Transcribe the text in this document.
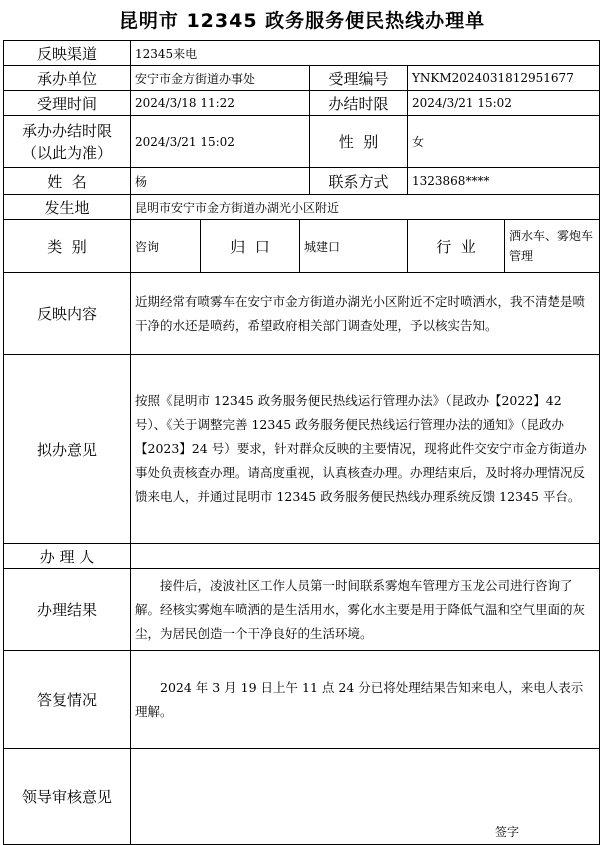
昆明市 12345 政务服务便民热线办理单
反映渠道	12345来电					
承办单位	安宁市金方街道办事处			受理编号	YNKM2024031812951677	
受理时间	2024/3/18 11:22			办结时限	2024/3/21 15:02	
承办办结时限（以此为准）	2024/3/21 15:02			性  别	女	
姓  名	杨			联系方式	1323868****	
发生地	昆明市安宁市金方街道办湖光小区附近					
类  别	咨询	归  口	城建口		行  业	洒水车、雾炮车管理
反映内容	近期经常有喷雾车在安宁市金方街道办湖光小区附近不定时喷洒水，我不清楚是喷干净的水还是喷药，希望政府相关部门调查处理，予以核实告知。					
拟办意见	按照《昆明市 12345 政务服务便民热线运行管理办法》（昆政办【2022】42 号）、《关于调整完善 12345 政务服务便民热线运行管理办法的通知》（昆政办【2023】24 号）要求，针对群众反映的主要情况，现将此件交安宁市金方街道办事处负责核查办理。请高度重视，认真核查办理。办理结束后，及时将办理情况反馈来电人，并通过昆明市 12345 政务服务便民热线办理系统反馈 12345 平台。					
办 理 人						
办理结果	　　接件后，凌波社区工作人员第一时间联系雾炮车管理方玉龙公司进行咨询了解。经核实雾炮车喷洒的是生活用水，雾化水主要是用于降低气温和空气里面的灰尘，为居民创造一个干净良好的生活环境。					
答复情况	　　2024 年 3 月 19 日上午 11 点 24 分已将处理结果告知来电人，来电人表示理解。					
领导审核意见	签字					
